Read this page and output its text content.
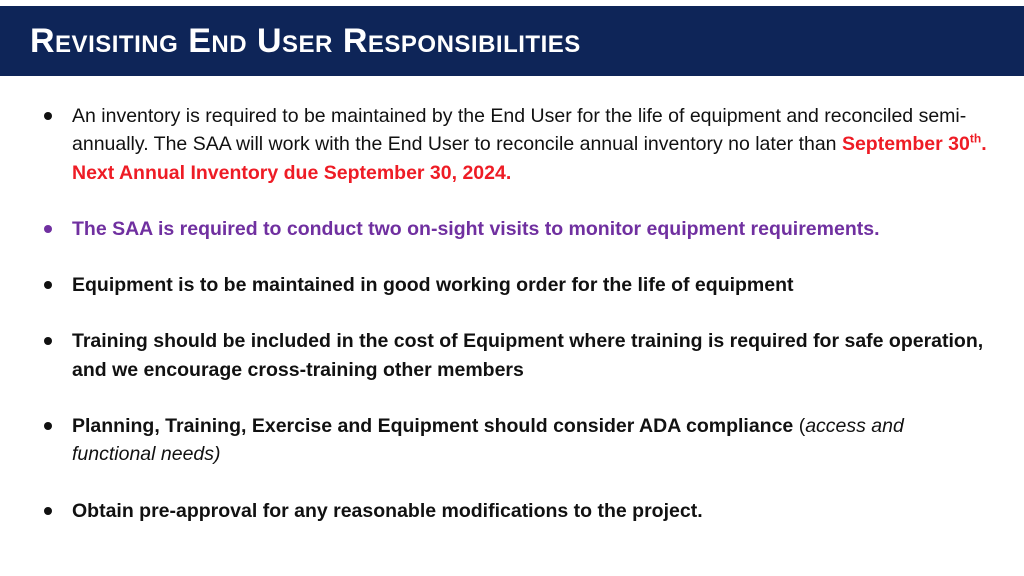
Revisiting End User Responsibilities
An inventory is required to be maintained by the End User for the life of equipment and reconciled semi-annually. The SAA will work with the End User to reconcile annual inventory no later than September 30th. Next Annual Inventory due September 30, 2024.
The SAA is required to conduct two on-sight visits to monitor equipment requirements.
Equipment is to be maintained in good working order for the life of equipment
Training should be included in the cost of Equipment where training is required for safe operation, and we encourage cross-training other members
Planning, Training, Exercise and Equipment should consider ADA compliance (access and functional needs)
Obtain pre-approval for any reasonable modifications to the project.
